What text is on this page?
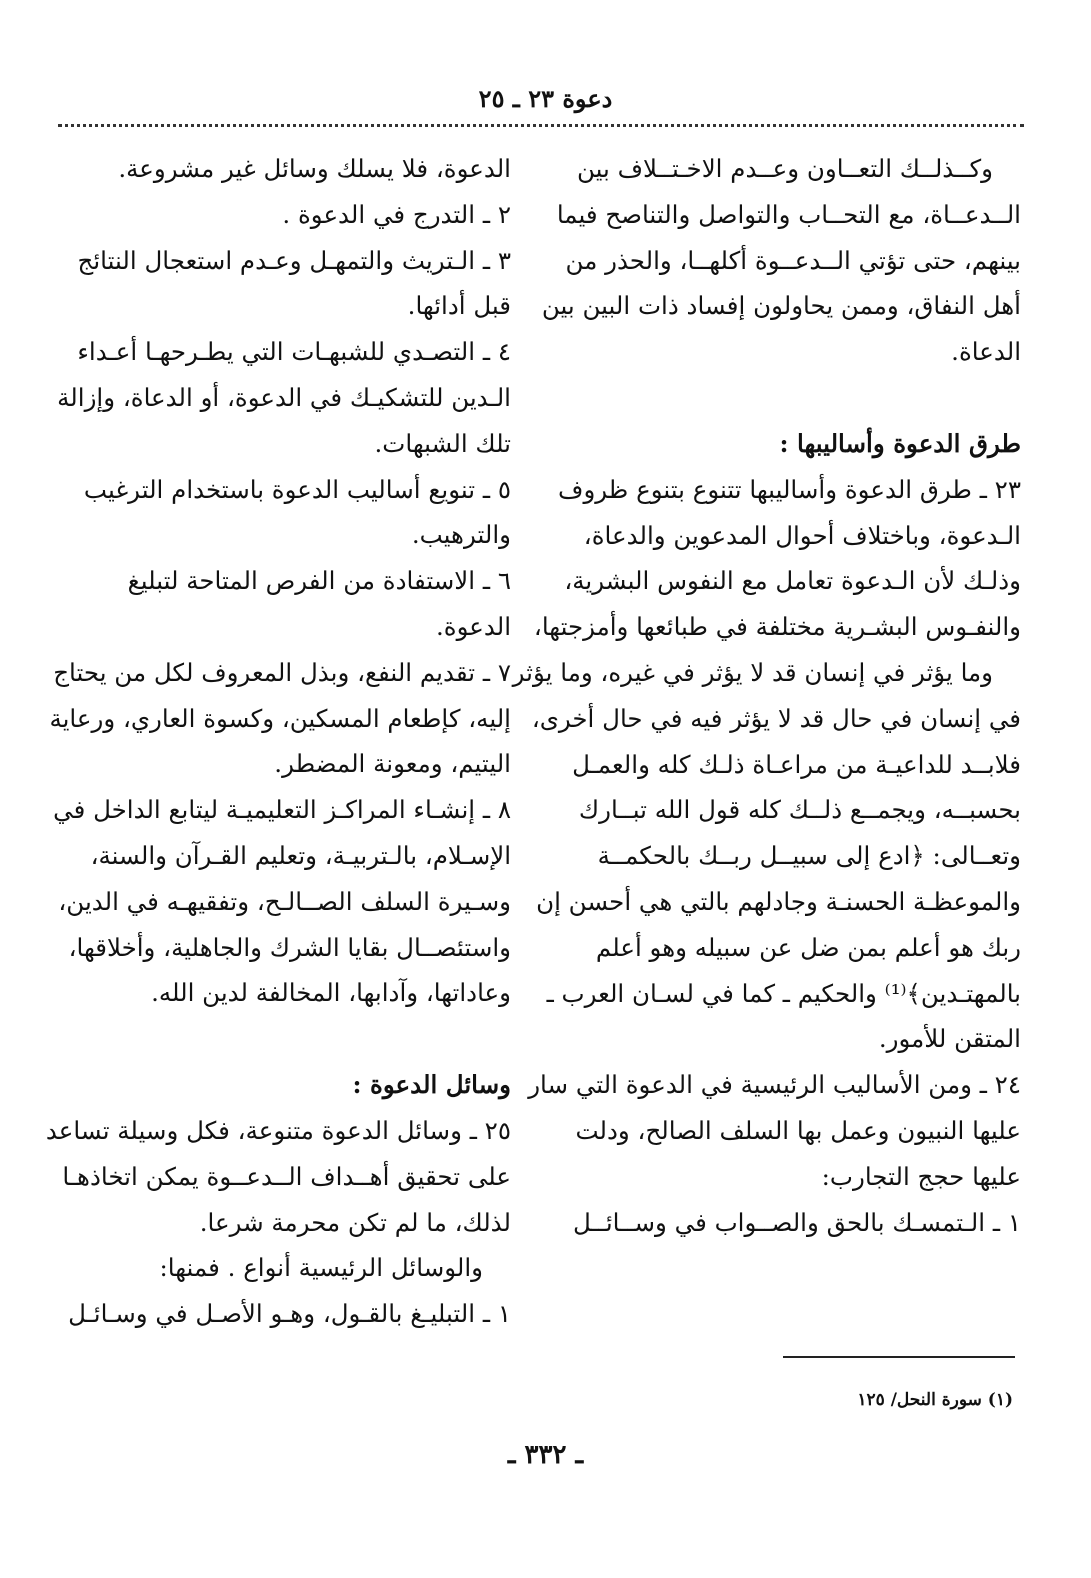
دعوة ٢٣ ـ ٢٥
وكــذلــك التعــاون وعــدم الاخـتــلاف بين
الــدعــاة، مع التحــاب والتواصل والتناصح فيما
بينهم، حتى تؤتي الــدعــوة أكلهــا، والحذر من
أهل النفاق، وممن يحاولون إفساد ذات البين بين
الدعاة.
طرق الدعوة وأساليبها :
٢٣ ـ طرق الدعوة وأساليبها تتنوع بتنوع ظروف
الـدعوة، وباختلاف أحوال المدعوين والدعاة،
وذلـك لأن الـدعوة تعامل مع النفوس البشرية،
والنفـوس البشـرية مختلفة في طبائعها وأمزجتها،
وما يؤثر في إنسان قد لا يؤثر في غيره، وما يؤثر
في إنسان في حال قد لا يؤثر فيه في حال أخرى،
فلابــد للداعيـة من مراعـاة ذلـك كله والعمـل
بحسبــه، ويجمــع ذلــك كله قول الله تبــارك
وتعــالى: ﴿ادع إلى سبيــل ربــك بالحكمــة
والموعظـة الحسنـة وجادلهم بالتي هي أحسن إن
ربك هو أعلم بمن ضل عن سبيله وهو أعلم
بالمهتـدين﴾⁽¹⁾ والحكيم ـ كما في لسـان العرب ـ
المتقن للأمور.
٢٤ ـ ومن الأساليب الرئيسية في الدعوة التي سار
عليها النبيون وعمل بها السلف الصالح، ودلت
عليها حجج التجارب:
١ ـ الـتمسـك بالحق والصــواب في وســائــل
الدعوة، فلا يسلك وسائل غير مشروعة.
٢ ـ التدرج في الدعوة .
٣ ـ الـتريث والتمهـل وعـدم استعجال النتائج
قبل أدائها.
٤ ـ التصـدي للشبهـات التي يطـرحهـا أعـداء
الـدين للتشكيـك في الدعوة، أو الدعاة، وإزالة
تلك الشبهات.
٥ ـ تنويع أساليب الدعوة باستخدام الترغيب
والترهيب.
٦ ـ الاستفادة من الفرص المتاحة لتبليغ
الدعوة.
٧ ـ تقديم النفع، وبذل المعروف لكل من يحتاج
إليه، كإطعام المسكين، وكسوة العاري، ورعاية
اليتيم، ومعونة المضطر.
٨ ـ إنشـاء المراكـز التعليميـة ليتابع الداخل في
الإسـلام، بالـتربيـة، وتعليم القـرآن والسنة،
وسـيرة السلف الصــالـح، وتفقيهـه في الدين،
واستئصــال بقايا الشرك والجاهلية، وأخلاقها،
وعاداتها، وآدابها، المخالفة لدين الله.
وسائل الدعوة :
٢٥ ـ وسائل الدعوة متنوعة، فكل وسيلة تساعد
على تحقيق أهــداف الــدعــوة يمكن اتخاذهـا
لذلك، ما لم تكن محرمة شرعا.
والوسائل الرئيسية أنواع . فمنها:
١ ـ التبليـغ بالقـول، وهـو الأصـل في وسـائـل
(١) سورة النحل/ ١٢٥
ـ ٣٣٢ ـ
